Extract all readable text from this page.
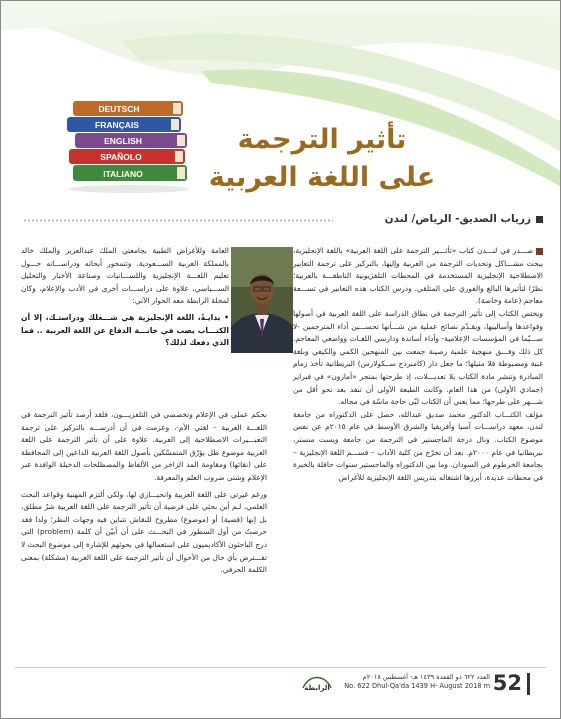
DEUTSCH
FRANÇAIS
ENGLISH
SPAÑOLO
ITALIANO
تأثير الترجمة
على اللغة العربية
زرياب الصديق- الرياض/ لندن

صـــدر في لنـــدن كتاب «تأثـــير الترجمة على اللغة العربية» باللغة الإنجليزية، يبحث مشـــاكل وتحديات الترجمة من العربية وإليها، بالتركيز على ترجمة التعابير الاصطلاحية الإنجليزية المستخدمة في المحطات التلفزيونية الناطقـــة بالعربية؛ نظرًا لتأثيرها البالغ والفوري على المتلقي. ودرس الكتاب هذه التعابير في تســـعة معاجم (عامة وخاصة).

ويختص الكتاب إلى تأثير الترجمة في نطاق الدراسة على اللغة العربية في أصولها وقواعدها وأساليبها، ويقـدّم نصائح عملية من شـــأنها تحســـين أداء المترجمين -لا ســـيّما في المؤسسات الإعلامية- وأداء أساتذة ودارسي اللغـات وواضعي المعاجم. كل ذلك وفـــق منهجية علمية رصينة جمعت بين المنهجين الكمي والكيفي وبلغة غنية ومضبوطة فلا مثيلها؛ ما جعل دار (كامبردج ســكولارس) البريطانية تأخذ زمام المبادرة وتنشر مادة الكتاب بلا تعديـــلات، إذ طرحتها بمتجر «أمازون» في فبراير (جمادي الأولى) من هذا العام. وكانت الطبعة الأولى أن تنفد بعد نحو أقل من شـــهر على طرحها؛ مما يعني أن الكتاب لبّى حاجة ماسّة في مجاله.

مؤلف الكتـــاب الدكتور محمد صديق عبدالله، حصل على الدكتوراه من جامعة لندن، معهد دراســـات آسيا وأفريقيا والشرق الأوسط في عام ٢٠١٥م عن نفس موضوع الكتاب. ونال درجة الماجستير في الترجمة من جامعة ويست منستر، ببريطانيا في عام ٢٠٠٠م. بعد أن تخرّج من كلية الآداب – قســـم اللغة الإنجليزية – بجامعة الخرطوم في السودان. وما بين الدكتوراه والماجستير سنوات حافلة بالخبرة في محطات عديدة، أبرزها اشتغاله بتدريس اللغة الإنجليزية للأغراض

العامة وللأغراض الطبية بجامعتي الملك عبدالعزيز والملك خالد بالمملكة العربية الســـعودية. وتتمحور أبحاثه ودراســـاته حـــول تعليم اللغـــة الإنجليزية واللســـانيات وصناعة الأخبار والتحليل الســـياسي، علاوة على دراســـات أخرى في الأدب والإعلام، وكان لمجلة الرابطة معه الحوار الآتي:

• بدايـةً، اللغة الإنجليزية هي شـــغلك ودراستـك، إلا أن الكتـــاب يصب في خانـــة الدفاع عن اللغة العربية .. فما الذي دفعك لذلك؟

بحكم عملي في الإعلام وتخصصي في التلفزيـــون، فلقد أرصد تأثير الترجمة في اللغـــة العربية – لغتي الأم-، وعزمت في أن أدرســـه بالتركيز على ترجمة التعبـــيرات الاصطلاحية إلى العربية. علاوة على أن تأثير الترجمة على اللغة العربية موضوع ظل يؤرّق المتمسّكين بأصول اللغة العربية الداعين إلى المحافظة على (نقائها) ومقاومة المد الزاخر من الألفاظ والمصطلحات الدخيلة الوافدة عبر الإعلام وشتى ضروب العلم والمعرفة.

ورغم غيرتي على اللغة العربية وانحيـــازي لها، ولكي ألتزم المهنية وقواعد البحث العلمي، لـم أبن بحثي على فرضية أن تأثير الترجمة على اللغة العربية شرٌ مطلق، بل إنها (قضية) أو (موضوع) مطروح للنقاش تتباين فيه وجهات النظر؛ ولذا فقد حرصتُ من أول السطور في البحـــث على أن أبيّن أن كلمة (problem) التي درج الباحثون الأكاديميون على استعمالها في بحوثهم للإشارة إلى موضوع البحث لا تفـــترض بأي حال من الأحوال أن تأثير الترجمة على اللغة العربية (مشكلة) بمعنى الكلمة الحرفي.

52
العدد ٦٢٢ ذو القعدة ١٤٣٩ هـ- أغسطس ٢٠١٨م
No. 622 Dhul-Qa'da 1439 H- August 2018 m
الرابطة
